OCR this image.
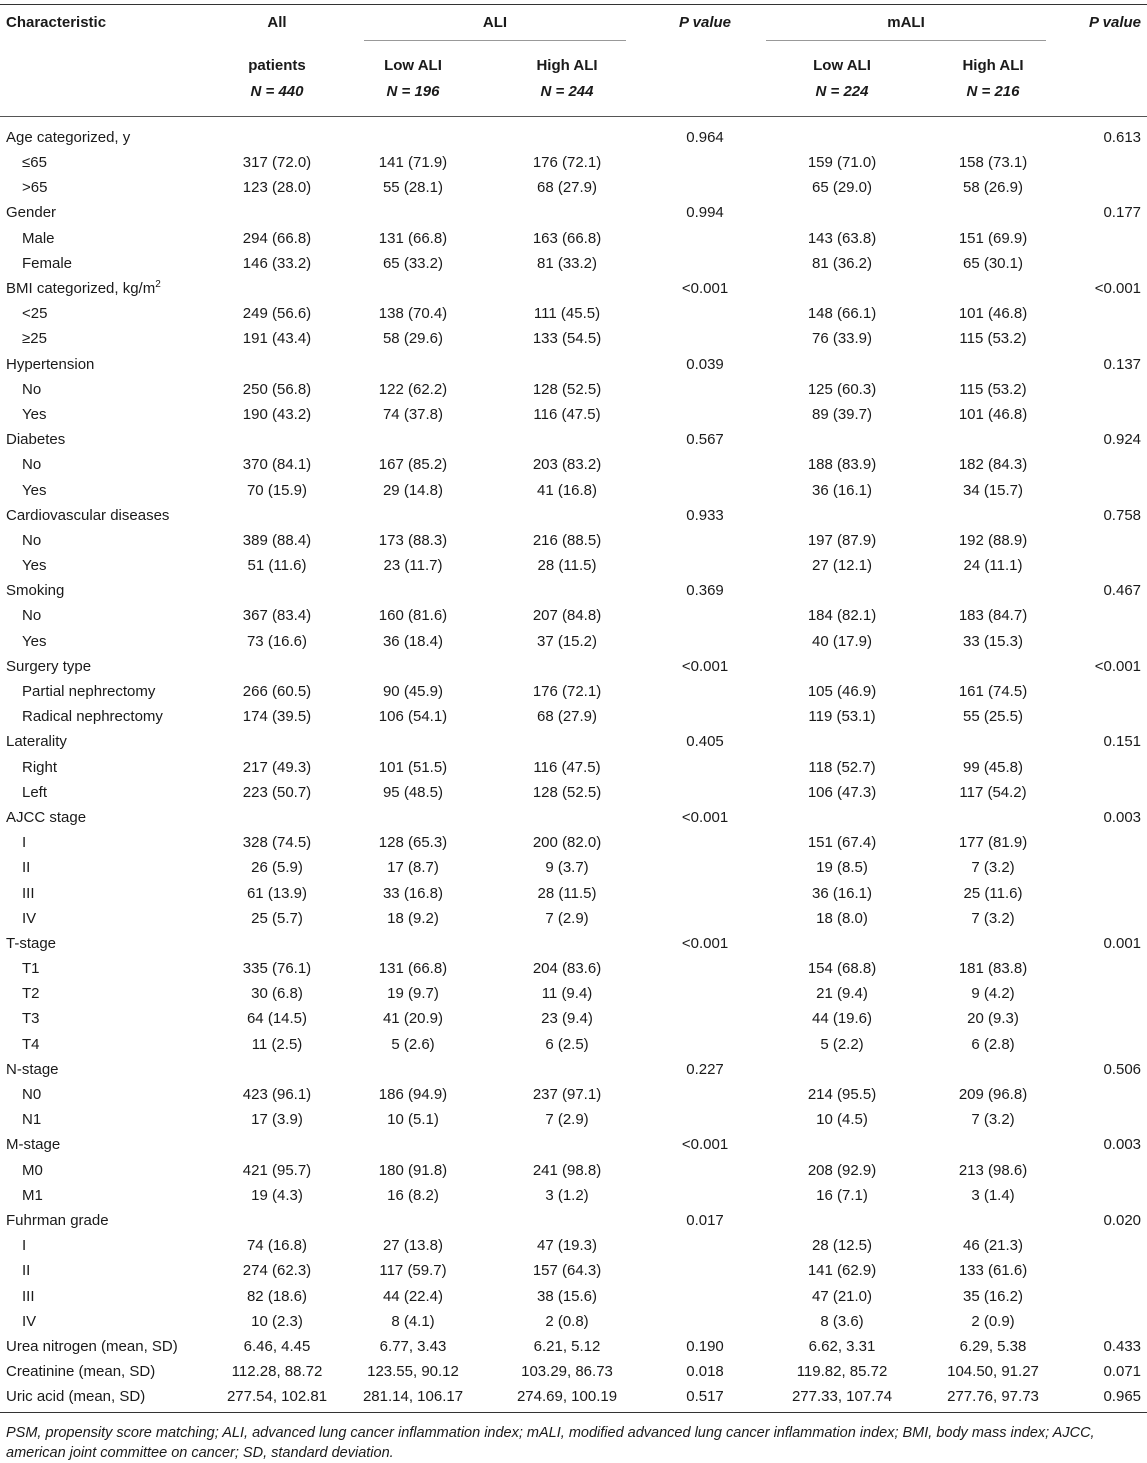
Characteristic	All	ALI		P value	mALI		P value
	patients	Low ALI	High ALI		Low ALI	High ALI	
	N = 440	N = 196	N = 244		N = 224	N = 216	
Age categorized, y				0.964			0.613
≤65	317 (72.0)	141 (71.9)	176 (72.1)		159 (71.0)	158 (73.1)	
>65	123 (28.0)	55 (28.1)	68 (27.9)		65 (29.0)	58 (26.9)	
Gender				0.994			0.177
Male	294 (66.8)	131 (66.8)	163 (66.8)		143 (63.8)	151 (69.9)	
Female	146 (33.2)	65 (33.2)	81 (33.2)		81 (36.2)	65 (30.1)	
BMI categorized, $kg/m^2$				<0.001			<0.001
<25	249 (56.6)	138 (70.4)	111 (45.5)		148 (66.1)	101 (46.8)	
≥25	191 (43.4)	58 (29.6)	133 (54.5)		76 (33.9)	115 (53.2)	
Hypertension				0.039			0.137
No	250 (56.8)	122 (62.2)	128 (52.5)		125 (60.3)	115 (53.2)	
Yes	190 (43.2)	74 (37.8)	116 (47.5)		89 (39.7)	101 (46.8)	
Diabetes				0.567			0.924
No	370 (84.1)	167 (85.2)	203 (83.2)		188 (83.9)	182 (84.3)	
Yes	70 (15.9)	29 (14.8)	41 (16.8)		36 (16.1)	34 (15.7)	
Cardiovascular diseases				0.933			0.758
No	389 (88.4)	173 (88.3)	216 (88.5)		197 (87.9)	192 (88.9)	
Yes	51 (11.6)	23 (11.7)	28 (11.5)		27 (12.1)	24 (11.1)	
Smoking				0.369			0.467
No	367 (83.4)	160 (81.6)	207 (84.8)		184 (82.1)	183 (84.7)	
Yes	73 (16.6)	36 (18.4)	37 (15.2)		40 (17.9)	33 (15.3)	
Surgery type				<0.001			<0.001
Partial nephrectomy	266 (60.5)	90 (45.9)	176 (72.1)		105 (46.9)	161 (74.5)	
Radical nephrectomy	174 (39.5)	106 (54.1)	68 (27.9)		119 (53.1)	55 (25.5)	
Laterality				0.405			0.151
Right	217 (49.3)	101 (51.5)	116 (47.5)		118 (52.7)	99 (45.8)	
Left	223 (50.7)	95 (48.5)	128 (52.5)		106 (47.3)	117 (54.2)	
AJCC stage				<0.001			0.003
I	328 (74.5)	128 (65.3)	200 (82.0)		151 (67.4)	177 (81.9)	
II	26 (5.9)	17 (8.7)	9 (3.7)		19 (8.5)	7 (3.2)	
III	61 (13.9)	33 (16.8)	28 (11.5)		36 (16.1)	25 (11.6)	
IV	25 (5.7)	18 (9.2)	7 (2.9)		18 (8.0)	7 (3.2)	
T-stage				<0.001			0.001
T1	335 (76.1)	131 (66.8)	204 (83.6)		154 (68.8)	181 (83.8)	
T2	30 (6.8)	19 (9.7)	11 (9.4)		21 (9.4)	9 (4.2)	
T3	64 (14.5)	41 (20.9)	23 (9.4)		44 (19.6)	20 (9.3)	
T4	11 (2.5)	5 (2.6)	6 (2.5)		5 (2.2)	6 (2.8)	
N-stage				0.227			0.506
N0	423 (96.1)	186 (94.9)	237 (97.1)		214 (95.5)	209 (96.8)	
N1	17 (3.9)	10 (5.1)	7 (2.9)		10 (4.5)	7 (3.2)	
M-stage				<0.001			0.003
M0	421 (95.7)	180 (91.8)	241 (98.8)		208 (92.9)	213 (98.6)	
M1	19 (4.3)	16 (8.2)	3 (1.2)		16 (7.1)	3 (1.4)	
Fuhrman grade				0.017			0.020
I	74 (16.8)	27 (13.8)	47 (19.3)		28 (12.5)	46 (21.3)	
II	274 (62.3)	117 (59.7)	157 (64.3)		141 (62.9)	133 (61.6)	
III	82 (18.6)	44 (22.4)	38 (15.6)		47 (21.0)	35 (16.2)	
IV	10 (2.3)	8 (4.1)	2 (0.8)		8 (3.6)	2 (0.9)	
Urea nitrogen (mean, SD)	6.46, 4.45	6.77, 3.43	6.21, 5.12	0.190	6.62, 3.31	6.29, 5.38	0.433
Creatinine (mean, SD)	112.28, 88.72	123.55, 90.12	103.29, 86.73	0.018	119.82, 85.72	104.50, 91.27	0.071
Uric acid (mean, SD)	277.54, 102.81	281.14, 106.17	274.69, 100.19	0.517	277.33, 107.74	277.76, 97.73	0.965
PSM, propensity score matching; ALI, advanced lung cancer inflammation index; mALI, modified advanced lung cancer inflammation index; BMI, body mass index; AJCC, american joint committee on cancer; SD, standard deviation.
